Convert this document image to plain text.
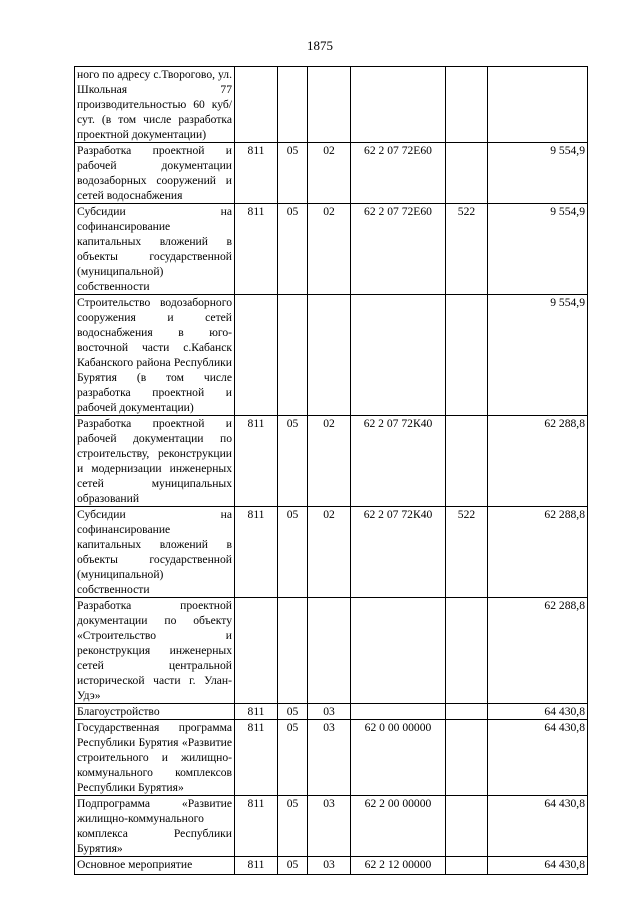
1875
ного по адресу с.Творогово, ул. Школьная 77 производительностью 60 куб/сут. (в том числе разработка проектной документации)						
Разработка проектной и рабочей документации водозаборных сооружений и сетей водоснабжения	811	05	02	62 2 07 72Е60		9 554,9
Субсидии на софинансирование капитальных вложений в объекты государственной (муниципальной) собственности	811	05	02	62 2 07 72Е60	522	9 554,9
Строительство водозаборного сооружения и сетей водоснабжения в юго-восточной части с.Кабанск Кабанского района Республики Бурятия (в том числе разработка проектной и рабочей документации)						9 554,9
Разработка проектной и рабочей документации по строительству, реконструкции и модернизации инженерных сетей муниципальных образований	811	05	02	62 2 07 72К40		62 288,8
Субсидии на софинансирование капитальных вложений в объекты государственной (муниципальной) собственности	811	05	02	62 2 07 72К40	522	62 288,8
Разработка проектной документации по объекту «Строительство и реконструкция инженерных сетей центральной исторической части г. Улан-Удэ»						62 288,8
Благоустройство	811	05	03			64 430,8
Государственная программа Республики Бурятия «Развитие строительного и жилищно-коммунального комплексов Республики Бурятия»	811	05	03	62 0 00 00000		64 430,8
Подпрограмма «Развитие жилищно-коммунального комплекса Республики Бурятия»	811	05	03	62 2 00 00000		64 430,8
Основное мероприятие	811	05	03	62 2 12 00000		64 430,8
